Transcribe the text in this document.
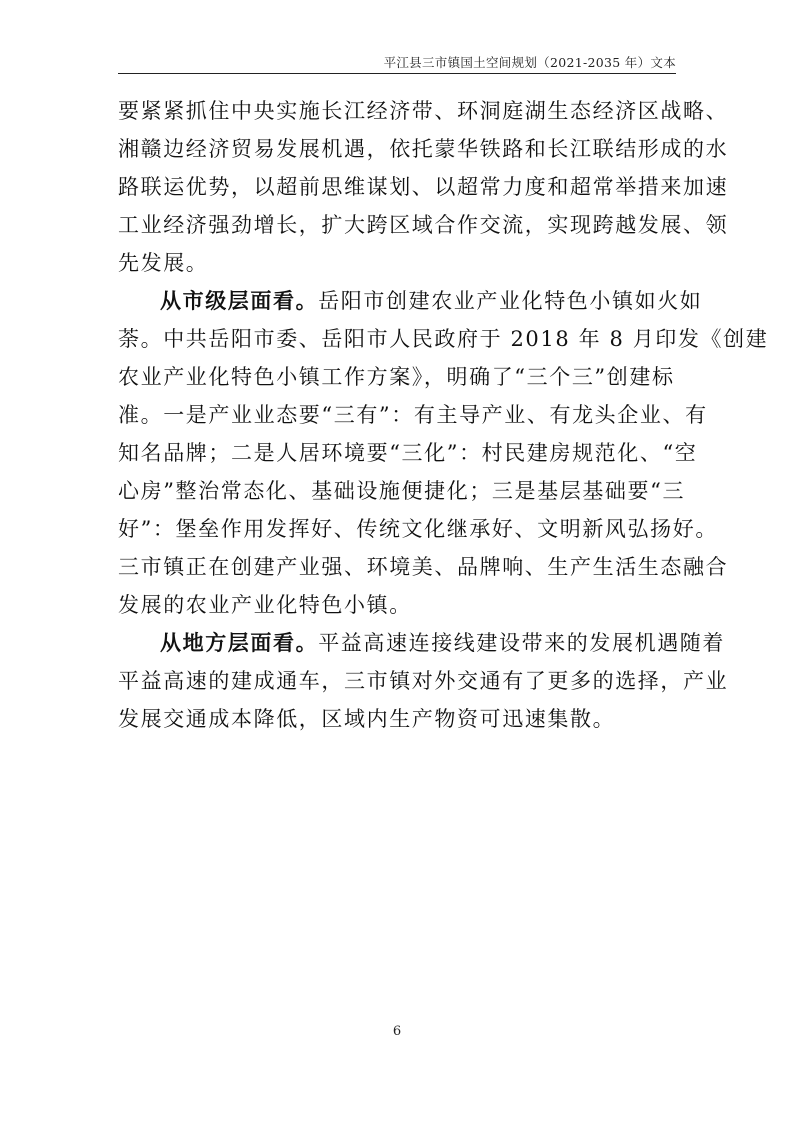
平江县三市镇国土空间规划（2021-2035 年）文本
要紧紧抓住中央实施长江经济带、环洞庭湖生态经济区战略、
湘赣边经济贸易发展机遇，依托蒙华铁路和长江联结形成的水
路联运优势，以超前思维谋划、以超常力度和超常举措来加速
工业经济强劲增长，扩大跨区域合作交流，实现跨越发展、领
先发展。
从市级层面看。岳阳市创建农业产业化特色小镇如火如
荼。中共岳阳市委、岳阳市人民政府于 2018 年 8 月印发《创建
农业产业化特色小镇工作方案》，明确了“三个三”创建标
准。一是产业业态要“三有”：有主导产业、有龙头企业、有
知名品牌；二是人居环境要“三化”：村民建房规范化、“空
心房”整治常态化、基础设施便捷化；三是基层基础要“三
好”：堡垒作用发挥好、传统文化继承好、文明新风弘扬好。
三市镇正在创建产业强、环境美、品牌响、生产生活生态融合
发展的农业产业化特色小镇。
从地方层面看。平益高速连接线建设带来的发展机遇随着
平益高速的建成通车，三市镇对外交通有了更多的选择，产业
发展交通成本降低，区域内生产物资可迅速集散。
6
